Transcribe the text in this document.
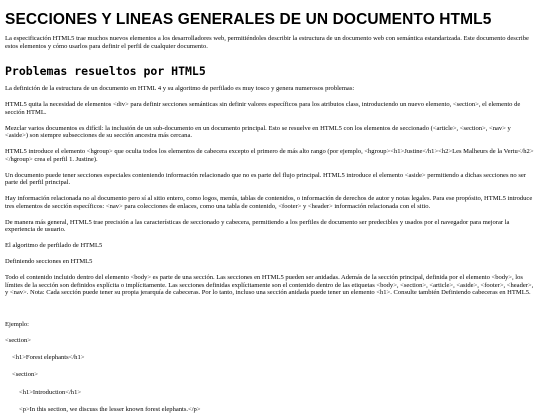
SECCIONES Y LINEAS GENERALES DE UN DOCUMENTO HTML5

La especificación HTML5 trae muchos nuevos elementos a los desarrolladores web, permitiéndoles describir la estructura de un documento web con semántica estandarizada. Este documento describe estos elementos y cómo usarlos para definir el perfil de cualquier documento.

Problemas resueltos por HTML5

La definición de la estructura de un documento en HTML 4 y su algoritmo de perfilado es muy tosco y genera numerosos problemas:

HTML5 quita la necesidad de elementos <div> para definir secciones semánticas sin definir valores específicos para los atributos class, introduciendo un nuevo elemento, <section>, el elemento de sección HTML.

Mezclar varios documentos es difícil: la inclusión de un sub-documento en un documento principal. Esto se resuelve en HTML5 con los elementos de seccionado (<article>, <section>, <nav> y <aside>) son siempre subsecciones de su sección ancestra más cercana.

HTML5 introduce el elemento <hgroup> que oculta todos los elementos de cabecera excepto el primero de más alto rango (por ejemplo, <hgroup><h1>Justine</h1><h2>Les Malheurs de la Vertu</h2></hgroup> crea el perfil 1. Justine).

Un documento puede tener secciones especiales conteniendo información relacionado que no es parte del flujo principal. HTML5 introduce el elemento <aside> permitiendo a dichas secciones no ser parte del perfil principal.

Hay información relacionada no al documento pero sí al sitio entero, como logos, menús, tablas de contenidos, o información de derechos de autor y notas legales. Para ese propósito, HTML5 introduce tres elementos de sección específicos: <nav> para colecciones de enlaces, como una tabla de contenido, <footer> y <header> información relacionada con el sitio.

De manera más general, HTML5 trae precisión a las características de seccionado y cabecera, permitiendo a los perfiles de documento ser predecibles y usados por el navegador para mejorar la experiencia de usuario.

El algoritmo de perfilado de HTML5

Definiendo secciones en HTML5

Todo el contenido incluido dentro del elemento <body> es parte de una sección. Las secciones en HTML5 pueden ser anidadas. Además de la sección principal, definida por el elemento <body>, los límites de la sección son definidos explícita o implícitamente. Las secciones definidas explícitamente son el contenido dentro de las etiquetas <body>, <section>, <article>, <aside>, <footer>, <header>, y <nav>. Nota: Cada sección puede tener su propia jerarquía de cabeceras. Por lo tanto, incluso una sección anidada puede tener un elemento <h1>. Consulte también Definiendo cabeceras en HTML5.

Ejemplo:

<section>

<h1>Forest elephants</h1>

<section>

<h1>Introduction</h1>

<p>In this section, we discuss the lesser known forest elephants.</p>
